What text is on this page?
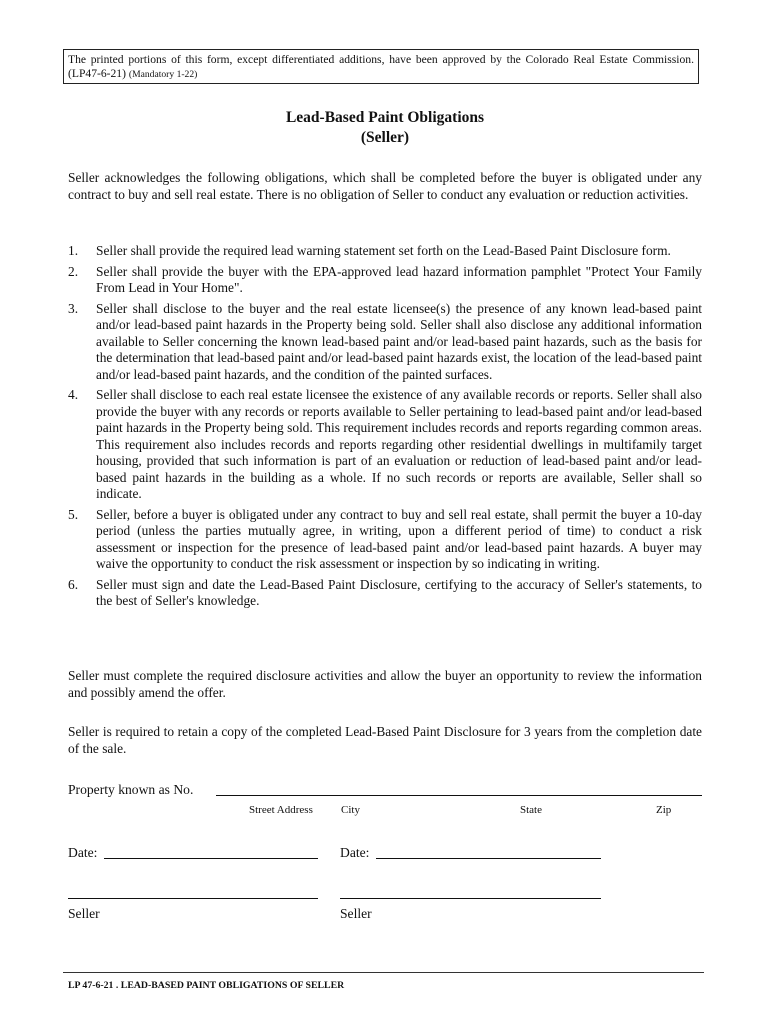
The printed portions of this form, except differentiated additions, have been approved by the Colorado Real Estate Commission. (LP47-6-21) (Mandatory 1-22)
Lead-Based Paint Obligations
(Seller)
Seller acknowledges the following obligations, which shall be completed before the buyer is obligated under any contract to buy and sell real estate. There is no obligation of Seller to conduct any evaluation or reduction activities.
1. Seller shall provide the required lead warning statement set forth on the Lead-Based Paint Disclosure form.
2. Seller shall provide the buyer with the EPA-approved lead hazard information pamphlet "Protect Your Family From Lead in Your Home".
3. Seller shall disclose to the buyer and the real estate licensee(s) the presence of any known lead-based paint and/or lead-based paint hazards in the Property being sold. Seller shall also disclose any additional information available to Seller concerning the known lead-based paint and/or lead-based paint hazards, such as the basis for the determination that lead-based paint and/or lead-based paint hazards exist, the location of the lead-based paint and/or lead-based paint hazards, and the condition of the painted surfaces.
4. Seller shall disclose to each real estate licensee the existence of any available records or reports. Seller shall also provide the buyer with any records or reports available to Seller pertaining to lead-based paint and/or lead-based paint hazards in the Property being sold. This requirement includes records and reports regarding common areas. This requirement also includes records and reports regarding other residential dwellings in multifamily target housing, provided that such information is part of an evaluation or reduction of lead-based paint and/or lead-based paint hazards in the building as a whole. If no such records or reports are available, Seller shall so indicate.
5. Seller, before a buyer is obligated under any contract to buy and sell real estate, shall permit the buyer a 10-day period (unless the parties mutually agree, in writing, upon a different period of time) to conduct a risk assessment or inspection for the presence of lead-based paint and/or lead-based paint hazards. A buyer may waive the opportunity to conduct the risk assessment or inspection by so indicating in writing.
6. Seller must sign and date the Lead-Based Paint Disclosure, certifying to the accuracy of Seller's statements, to the best of Seller's knowledge.
Seller must complete the required disclosure activities and allow the buyer an opportunity to review the information and possibly amend the offer.
Seller is required to retain a copy of the completed Lead-Based Paint Disclosure for 3 years from the completion date of the sale.
Property known as No.
Street Address	City	State	Zip
Date:	Date:
Seller	Seller
LP 47-6-21 . LEAD-BASED PAINT OBLIGATIONS OF SELLER
